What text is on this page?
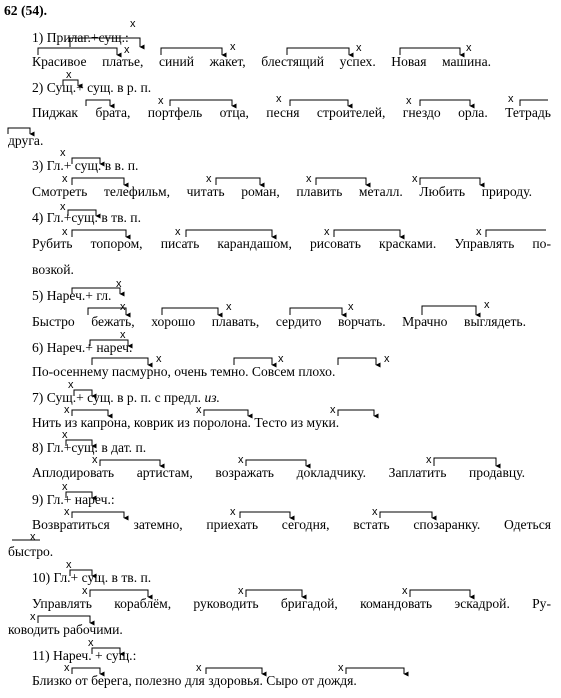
62 (54).
1) Прилаг.+сущ.:
Красивое платье, синий жакет, блестящий успех. Новая машина.
2) Сущ.+ сущ. в р. п.
Пиджак брата, портфель отца, песня строителей, гнездо орла. Тетрадь
друга.
3) Гл.+ сущ. в в. п.
Смотреть телефильм, читать роман, плавить металл. Любить природу.
4) Гл.+сущ. в тв. п.
Рубить топором, писать карандашом, рисовать красками. Управлять по-
возкой.
5) Нареч.+ гл.
Быстро бежать, хорошо плавать, сердито ворчать. Мрачно выглядеть.
6) Нареч.+ нареч.
По-осеннему пасмурно, очень темно. Совсем плохо.
7) Сущ.+ сущ. в р. п. с предл. из.
Нить из капрона, коврик из поролона. Тесто из муки.
8) Гл.+сущ. в дат. п.
Аплодировать артистам, возражать докладчику. Заплатить продавцу.
9) Гл.+ нареч.:
Возвратиться затемно, приехать сегодня, встать спозаранку. Одеться
быстро.
10) Гл.+ сущ. в тв. п.
Управлять кораблём, руководить бригадой, командовать эскадрой. Ру-
ководить рабочими.
11) Нареч. + сущ.:
Близко от берега, полезно для здоровья. Сыро от дождя.
х
х	х	х	х
х
х	х	х	х
х
х	х	х	х
х
х	х	х	х
х
х	х	х	х
х
х	х	х
х
х	х	х
х
х	х	х
х
х	х	х
х
х
х	х	х
х
х
х	х	х
